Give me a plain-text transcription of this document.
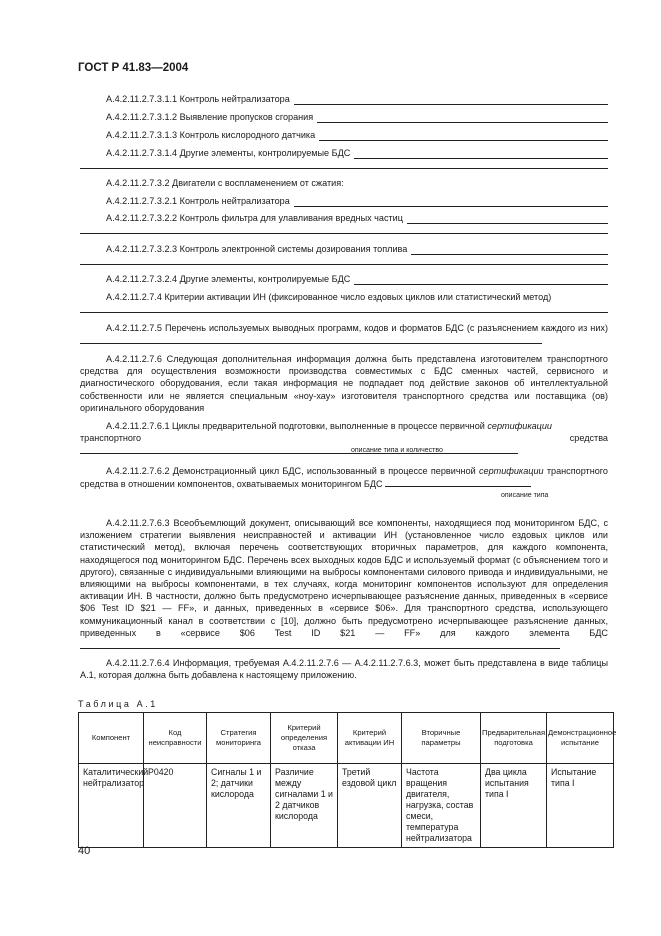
ГОСТ Р 41.83—2004
А.4.2.11.2.7.3.1.1 Контроль нейтрализатора
А.4.2.11.2.7.3.1.2 Выявление пропусков сгорания
А.4.2.11.2.7.3.1.3 Контроль кислородного датчика
А.4.2.11.2.7.3.1.4 Другие элементы, контролируемые БДС
А.4.2.11.2.7.3.2 Двигатели с воспламенением от сжатия:
А.4.2.11.2.7.3.2.1 Контроль нейтрализатора
А.4.2.11.2.7.3.2.2 Контроль фильтра для улавливания вредных частиц
А.4.2.11.2.7.3.2.3 Контроль электронной системы дозирования топлива
А.4.2.11.2.7.3.2.4 Другие элементы, контролируемые БДС
А.4.2.11.2.7.4 Критерии активации ИН (фиксированное число ездовых циклов или статистический метод)
А.4.2.11.2.7.5 Перечень используемых выводных программ, кодов и форматов БДС (с разъяснением каждого из них)
А.4.2.11.2.7.6 Следующая дополнительная информация должна быть представлена изготовителем транспортного средства для осуществления возможности производства совместимых с БДС сменных частей, сервисного и диагностического оборудования, если такая информация не подпадает под действие законов об интеллектуальной собственности или не является специальным «ноу-хау» изготовителя транспортного средства или поставщика (ов) оригинального оборудования
А.4.2.11.2.7.6.1 Циклы предварительной подготовки, выполненные в процессе первичной сертификации
транспортного средства
описание типа и количество
А.4.2.11.2.7.6.2 Демонстрационный цикл БДС, использованный в процессе первичной сертификации транспортного средства в отношении компонентов, охватываемых мониторингом БДС
описание типа
А.4.2.11.2.7.6.3 Всеобъемлющий документ, описывающий все компоненты, находящиеся под мониторингом БДС, с изложением стратегии выявления неисправностей и активации ИН (установленное число ездовых циклов или статистический метод), включая перечень соответствующих вторичных параметров, для каждого компонента, находящегося под мониторингом БДС. Перечень всех выходных кодов БДС и используемый формат (с объяснением того и другого), связанные с индивидуальными влияющими на выбросы компонентами силового привода и индивидуальными, не влияющими на выбросы компонентами, в тех случаях, когда мониторинг компонентов используют для определения активации ИН. В частности, должно быть предусмотрено исчерпывающее разъяснение данных, приведенных в «сервисе $06 Test ID $21 — FF», и данных, приведенных в «сервисе $06». Для транспортного средства, использующего коммуникационный канал в соответствии с [10], должно быть предусмотрено исчерпывающее разъяснение данных, приведенных в «сервисе $06 Test ID $21 — FF» для каждого элемента БДС
А.4.2.11.2.7.6.4 Информация, требуемая А.4.2.11.2.7.6 — А.4.2.11.2.7.6.3, может быть представлена в виде таблицы А.1, которая должна быть добавлена к настоящему приложению.
Таблица А.1
Компонент	Код неисправности	Стратегия мониторинга	Критерий определения отказа	Критерий активации ИН	Вторичные параметры	Предварительная подготовка	Демонстрационное испытание
Каталитический нейтрализатор	Р0420	Сигналы 1 и 2; датчики кислорода	Различие между сигналами 1 и 2 датчиков кислорода	Третий ездовой цикл	Частота вращения двигателя, нагрузка, состав смеси, температура нейтрализатора	Два цикла испытания типа I	Испытание типа I
40
